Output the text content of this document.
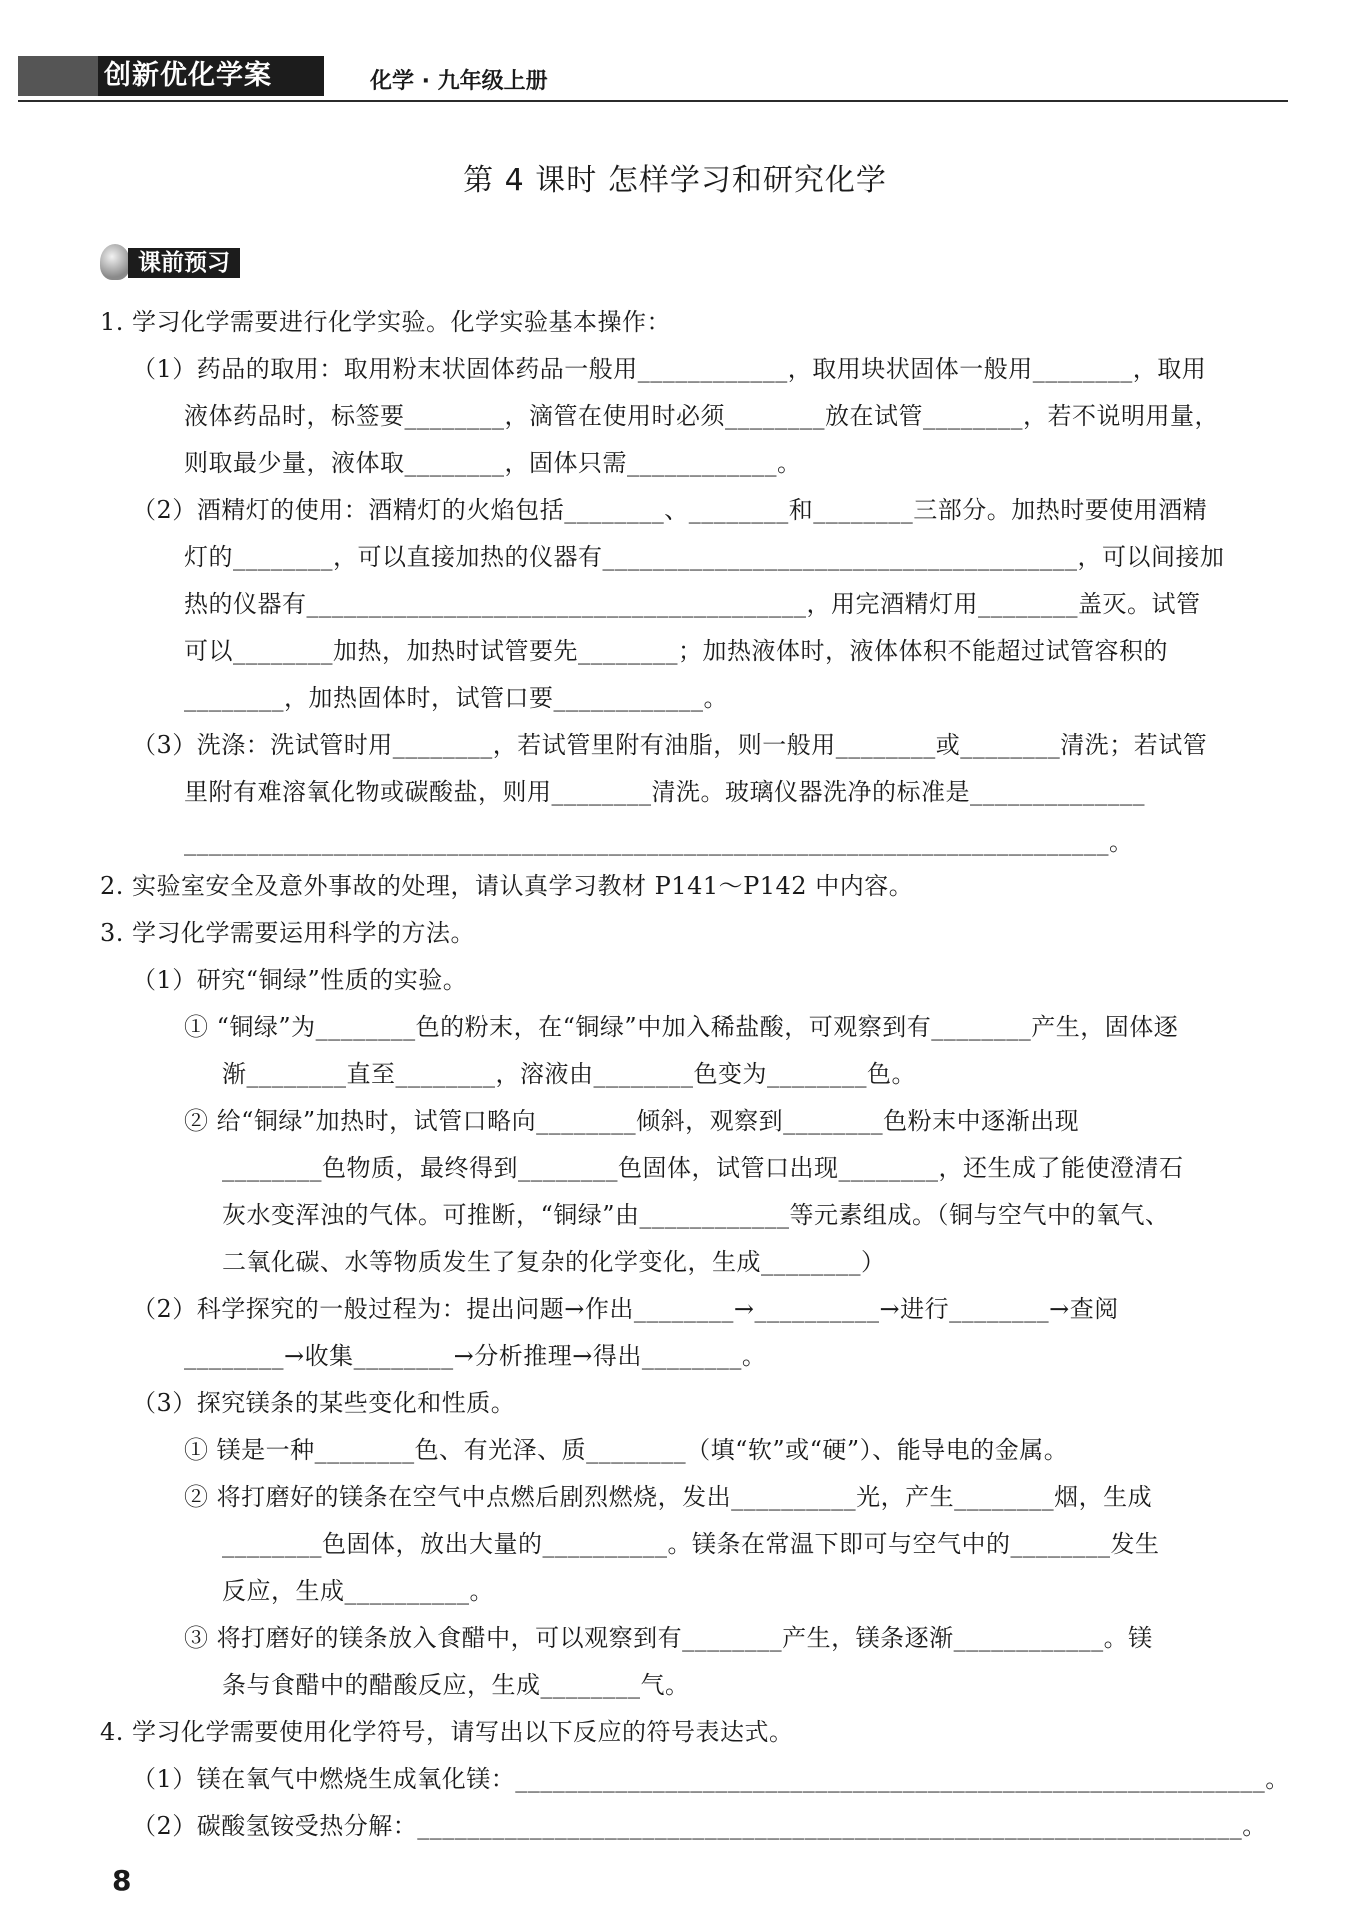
创新优化学案	化学 · 九年级上册
第 4 课时 怎样学习和研究化学
课前预习
1. 学习化学需要进行化学实验。化学实验基本操作：
（1）药品的取用：取用粉末状固体药品一般用____________，取用块状固体一般用________，取用
液体药品时，标签要________，滴管在使用时必须________放在试管________，若不说明用量，
则取最少量，液体取________，固体只需____________。
（2）酒精灯的使用：酒精灯的火焰包括________、________和________三部分。加热时要使用酒精
灯的________，可以直接加热的仪器有______________________________________，可以间接加
热的仪器有________________________________________，用完酒精灯用________盖灭。试管
可以________加热，加热时试管要先________；加热液体时，液体体积不能超过试管容积的
________，加热固体时，试管口要____________。
（3）洗涤：洗试管时用________，若试管里附有油脂，则一般用________或________清洗；若试管
里附有难溶氧化物或碳酸盐，则用________清洗。玻璃仪器洗净的标准是______________
__________________________________________________________________________。
2. 实验室安全及意外事故的处理，请认真学习教材 P141～P142 中内容。
3. 学习化学需要运用科学的方法。
（1）研究“铜绿”性质的实验。
① “铜绿”为________色的粉末，在“铜绿”中加入稀盐酸，可观察到有________产生，固体逐
渐________直至________，溶液由________色变为________色。
② 给“铜绿”加热时，试管口略向________倾斜，观察到________色粉末中逐渐出现
________色物质，最终得到________色固体，试管口出现________，还生成了能使澄清石
灰水变浑浊的气体。可推断，“铜绿”由____________等元素组成。（铜与空气中的氧气、
二氧化碳、水等物质发生了复杂的化学变化，生成________）
（2）科学探究的一般过程为：提出问题→作出________→__________→进行________→查阅
________→收集________→分析推理→得出________。
（3）探究镁条的某些变化和性质。
① 镁是一种________色、有光泽、质________（填“软”或“硬”）、能导电的金属。
② 将打磨好的镁条在空气中点燃后剧烈燃烧，发出__________光，产生________烟，生成
________色固体，放出大量的__________。镁条在常温下即可与空气中的________发生
反应，生成__________。
③ 将打磨好的镁条放入食醋中，可以观察到有________产生，镁条逐渐____________。镁
条与食醋中的醋酸反应，生成________气。
4. 学习化学需要使用化学符号，请写出以下反应的符号表达式。
（1）镁在氧气中燃烧生成氧化镁：____________________________________________________________。
（2）碳酸氢铵受热分解：__________________________________________________________________。
8
